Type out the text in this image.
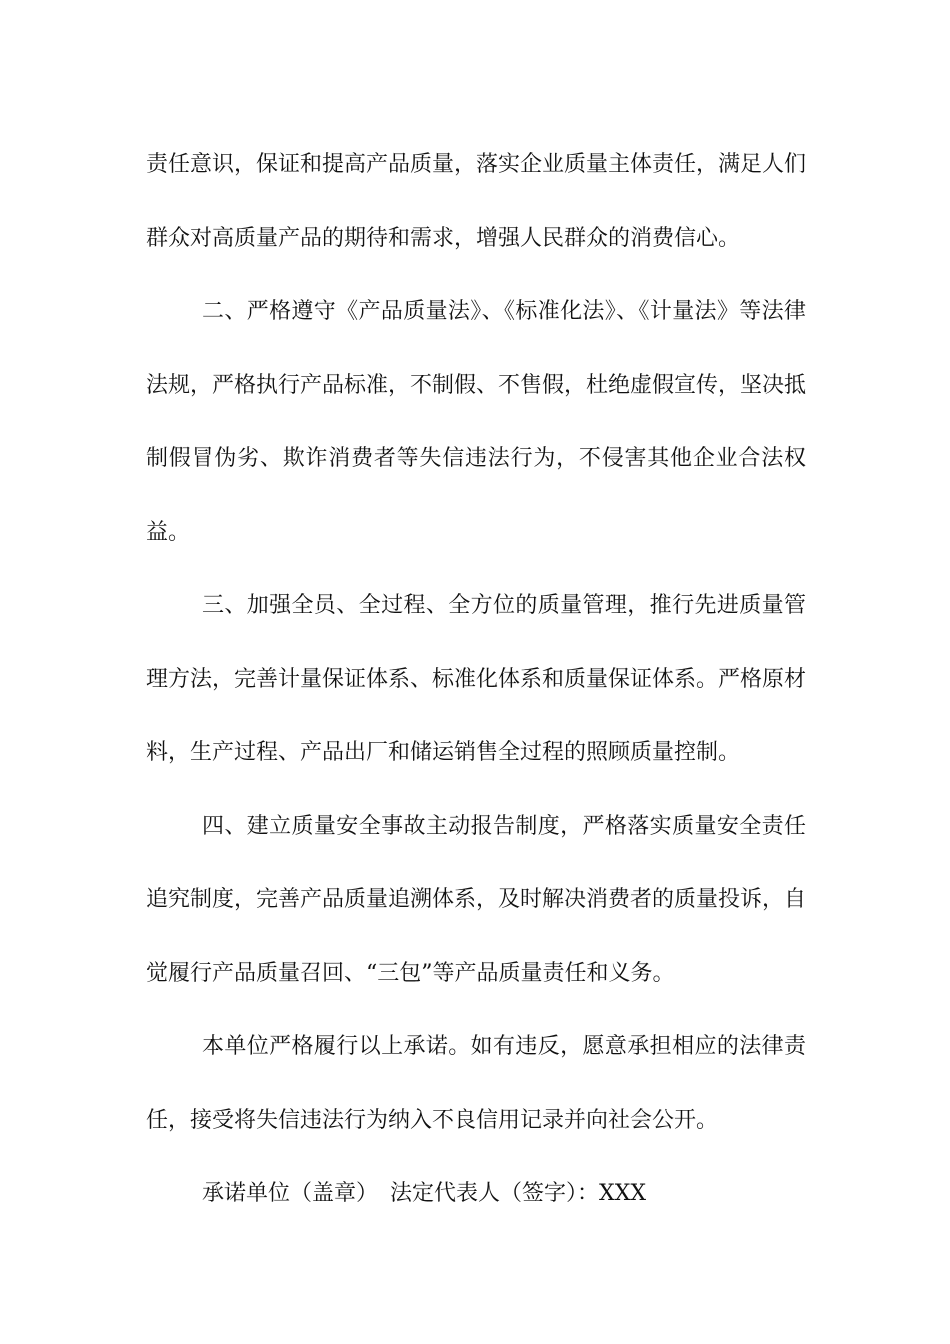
责任意识，保证和提高产品质量，落实企业质量主体责任，满足人们群众对高质量产品的期待和需求，增强人民群众的消费信心。

二、严格遵守《产品质量法》、《标准化法》、《计量法》等法律法规，严格执行产品标准，不制假、不售假，杜绝虚假宣传，坚决抵制假冒伪劣、欺诈消费者等失信违法行为，不侵害其他企业合法权益。

三、加强全员、全过程、全方位的质量管理，推行先进质量管理方法，完善计量保证体系、标准化体系和质量保证体系。严格原材料，生产过程、产品出厂和储运销售全过程的照顾质量控制。

四、建立质量安全事故主动报告制度，严格落实质量安全责任追究制度，完善产品质量追溯体系，及时解决消费者的质量投诉，自觉履行产品质量召回、“三包”等产品质量责任和义务。

本单位严格履行以上承诺。如有违反，愿意承担相应的法律责任，接受将失信违法行为纳入不良信用记录并向社会公开。

承诺单位（盖章） 法定代表人（签字）：XXX
